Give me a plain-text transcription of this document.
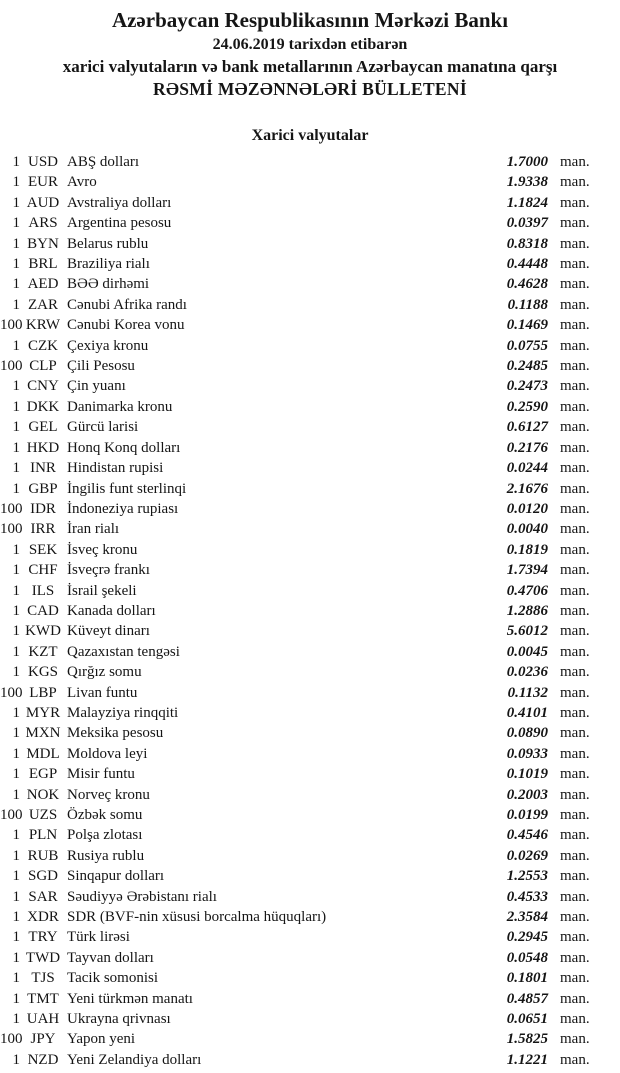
Azərbaycan Respublikasının Mərkəzi Bankı
24.06.2019 tarixdən etibarən
xarici valyutaların və bank metallarının Azərbaycan manatına qarşı
RƏSMİ MƏZƏNNƏLƏRİ BÜLLETENİ
Xarici valyutalar
1 USD ABŞ dolları	1.7000 man.
1 EUR Avro	1.9338 man.
1 AUD Avstraliya dolları	1.1824 man.
1 ARS Argentina pesosu	0.0397 man.
1 BYN Belarus rublu	0.8318 man.
1 BRL Braziliya rialı	0.4448 man.
1 AED BƏƏ dirhəmi	0.4628 man.
1 ZAR Cənubi Afrika randı	0.1188 man.
100 KRW Cənubi Korea vonu	0.1469 man.
1 CZK Çexiya kronu	0.0755 man.
100 CLP Çili Pesosu	0.2485 man.
1 CNY Çin yuanı	0.2473 man.
1 DKK Danimarka kronu	0.2590 man.
1 GEL Gürcü larisi	0.6127 man.
1 HKD Honq Konq dolları	0.2176 man.
1 INR Hindistan rupisi	0.0244 man.
1 GBP İngilis funt sterlinqi	2.1676 man.
100 IDR İndoneziya rupiası	0.0120 man.
100 IRR İran rialı	0.0040 man.
1 SEK İsveç kronu	0.1819 man.
1 CHF İsveçrə frankı	1.7394 man.
1 ILS İsrail şekeli	0.4706 man.
1 CAD Kanada dolları	1.2886 man.
1 KWD Küveyt dinarı	5.6012 man.
1 KZT Qazaxıstan tengəsi	0.0045 man.
1 KGS Qırğız somu	0.0236 man.
100 LBP Livan funtu	0.1132 man.
1 MYR Malayziya rinqqiti	0.4101 man.
1 MXN Meksika pesosu	0.0890 man.
1 MDL Moldova leyi	0.0933 man.
1 EGP Misir funtu	0.1019 man.
1 NOK Norveç kronu	0.2003 man.
100 UZS Özbək somu	0.0199 man.
1 PLN Polşa zlotası	0.4546 man.
1 RUB Rusiya rublu	0.0269 man.
1 SGD Sinqapur dolları	1.2553 man.
1 SAR Səudiyyə Ərəbistanı rialı	0.4533 man.
1 XDR SDR (BVF-nin xüsusi borcalma hüquqları)	2.3584 man.
1 TRY Türk lirəsi	0.2945 man.
1 TWD Tayvan dolları	0.0548 man.
1 TJS Tacik somonisi	0.1801 man.
1 TMT Yeni türkmən manatı	0.4857 man.
1 UAH Ukrayna qrivnası	0.0651 man.
100 JPY Yapon yeni	1.5825 man.
1 NZD Yeni Zelandiya dolları	1.1221 man.
